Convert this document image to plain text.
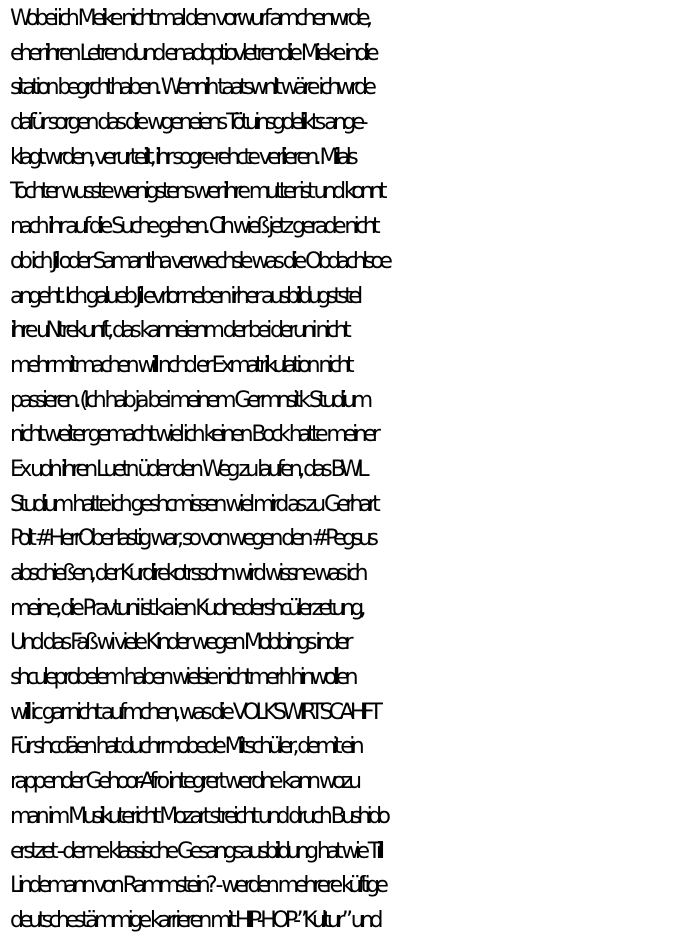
Wobei ich Meike nicht mal den vorwurf amchenwrde,
eher ihren Letren dund enadoptiovletrendie Mieke indie
sitation begrchthaben. Wennih taatswnlt wäre ichwrde
dafür sorgen das die wgeneiens Tötuinsgdelikts ange-
klagt wrden, verurteilt, ihr sogre-rehcte verlieren. Milals
Tochter wusste wenigstens wer ihre mutter ist und konnt
nach ihr auf die Suche gehen. Cih wieß jetz gerade nicht
ob ich Jil oder Samantha verwechsle was die Obdachlsoe
angeht. Ich galueb Jil evrlor neben irher ausbildugststel
ihre uNtrekunft, das kanneienm der bei deruni nicht
mehr mitmachen will nchd er Exmatrikulation nicht
passieren. (Ich hab ja bei meinem Germnsitk Studium
nicht weiter gemacht wiel ich keinen Bock hatte meiner
Ex udn ihren Luetn üder den Weg zu laufen, das BWL
Studium hatte ich geshcmissen wiel mird as zu Gerhart
Polt #HerrOber lastig war, so von wegen den #Pegsus
abschießen, der Kurdirekotrssohn wird wissne was ich
meine, die Pravtuni ist ka ien Kudnedershcülerzetung,
Und das Faß wi viele Kinder wegen Mobbings inder
shculeprobelem haben wielsie nichtmerh hinwollen
will ic gar nicht aufmchen, was die VOLKSWIRTSCAHFT
Für shcdäen hat duchrmobede Mitschüler, demit ein
rappender Gehoor-Afro integrert werdne kann wozu
man im Musikutericht Mozart streicht und druch Bushido
erstzet - der ne klassische Gesangsausbildung hat wie Till
Lindemann von Rammstein? - werden mehrere küftige
deutschestämmige karrieren mit HIP-HOP-”Kultur” und
